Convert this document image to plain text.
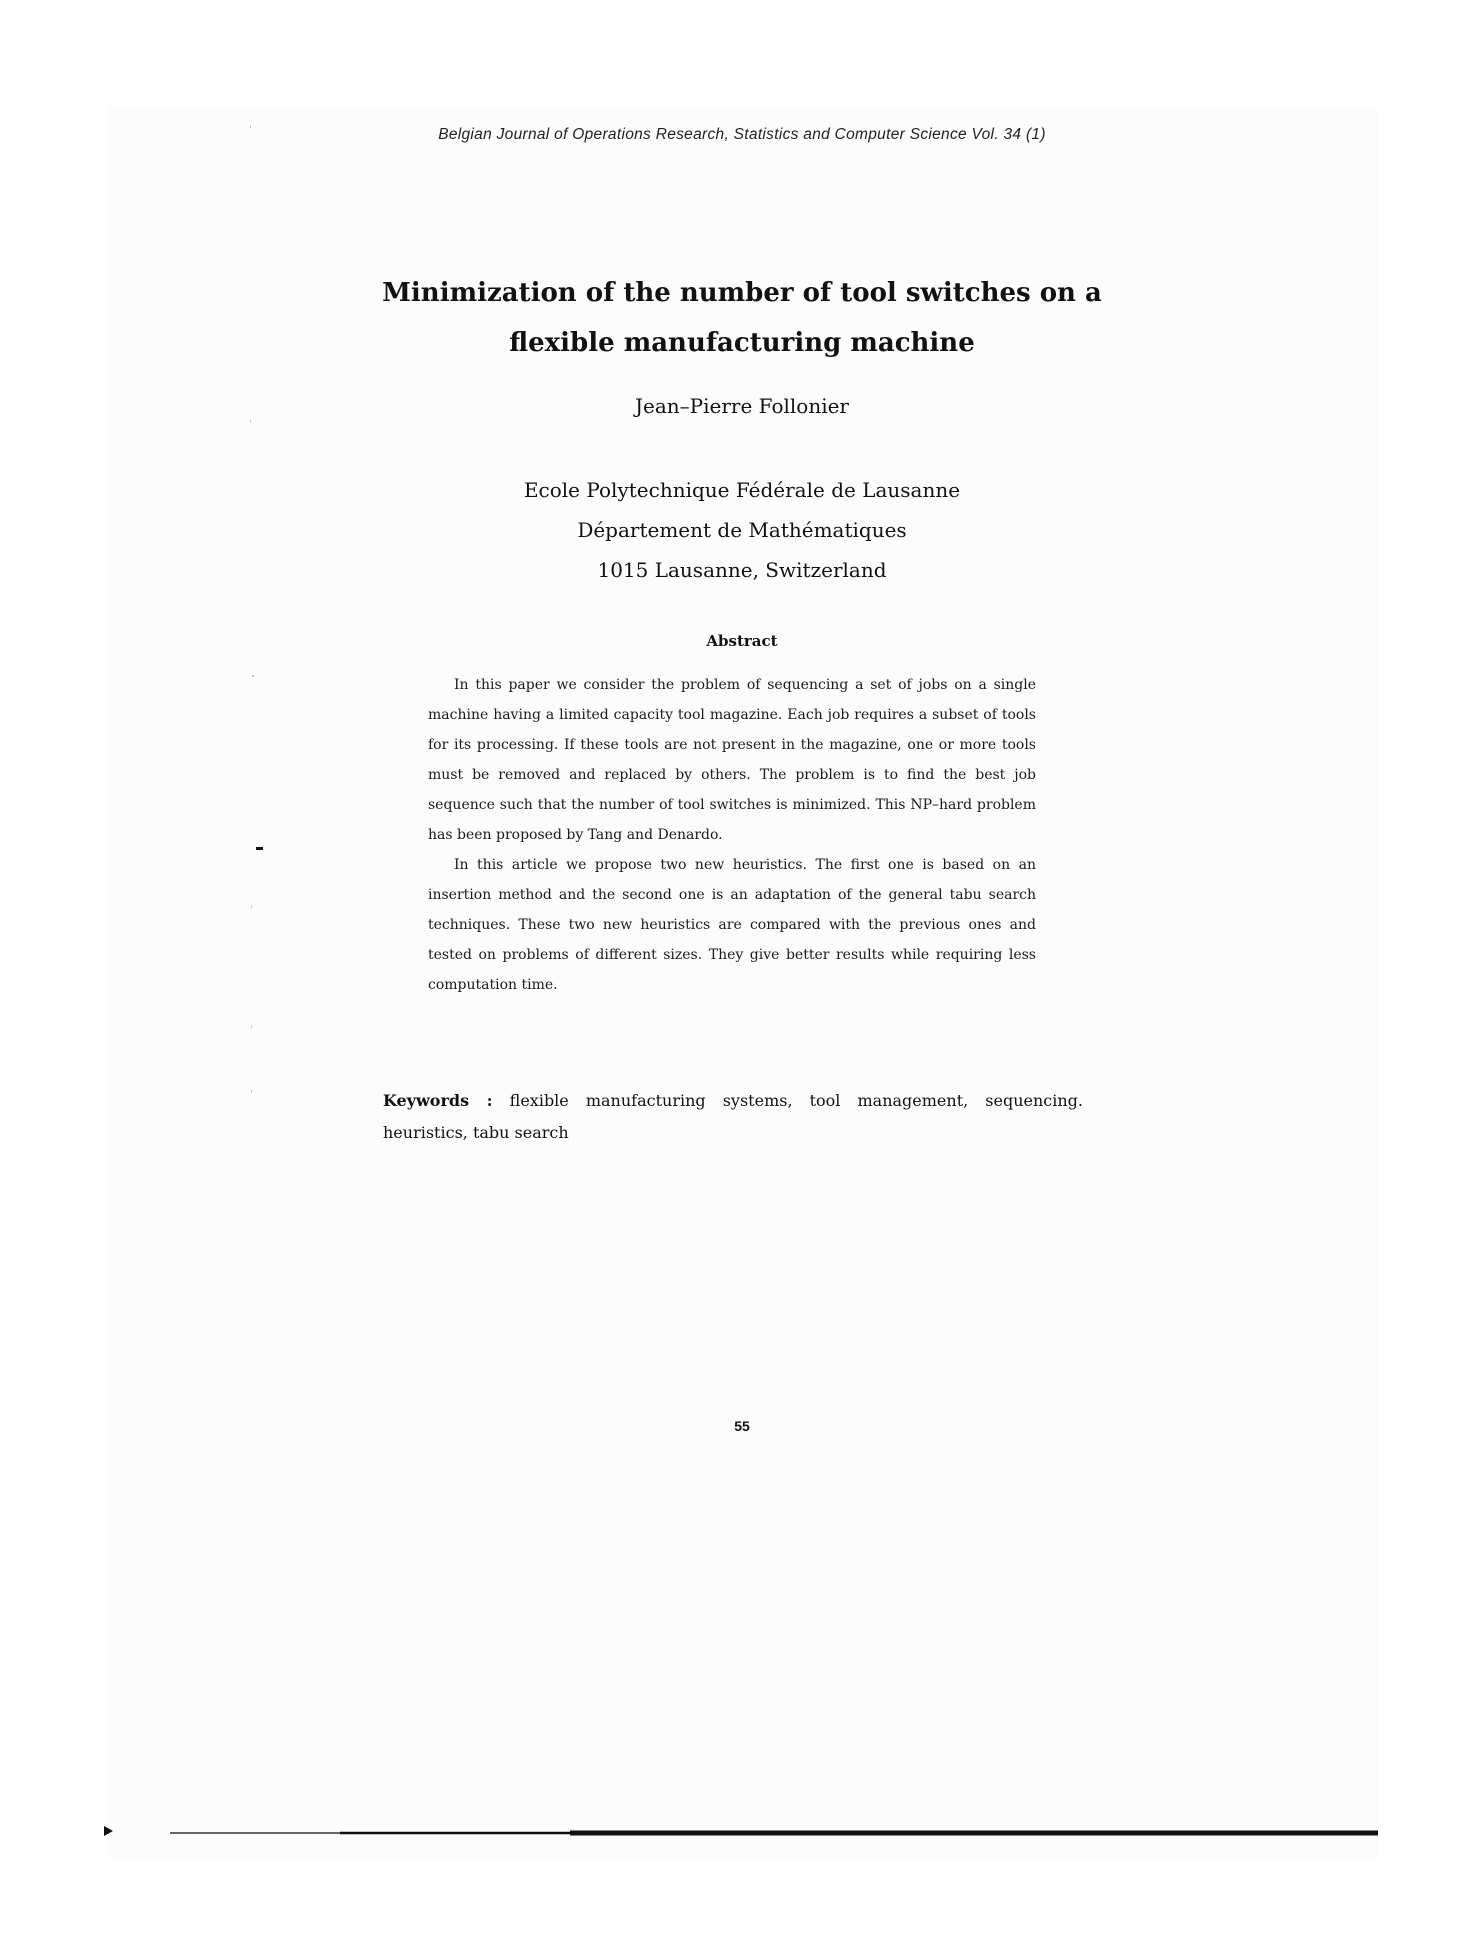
Belgian Journal of Operations Research, Statistics and Computer Science Vol. 34 (1)
Minimization of the number of tool switches on a
flexible manufacturing machine
Jean–Pierre Follonier
Ecole Polytechnique Fédérale de Lausanne
Département de Mathématiques
1015 Lausanne, Switzerland
Abstract

In this paper we consider the problem of sequencing a set of jobs on a single machine having a limited capacity tool magazine. Each job requires a subset of tools for its processing. If these tools are not present in the magazine, one or more tools must be removed and replaced by others. The problem is to find the best job sequence such that the number of tool switches is minimized. This NP–hard problem has been proposed by Tang and Denardo.

In this article we propose two new heuristics. The first one is based on an insertion method and the second one is an adaptation of the general tabu search techniques. These two new heuristics are compared with the previous ones and tested on problems of different sizes. They give better results while requiring less computation time.

Keywords : flexible manufacturing systems, tool management, sequencing. heuristics, tabu search
55
